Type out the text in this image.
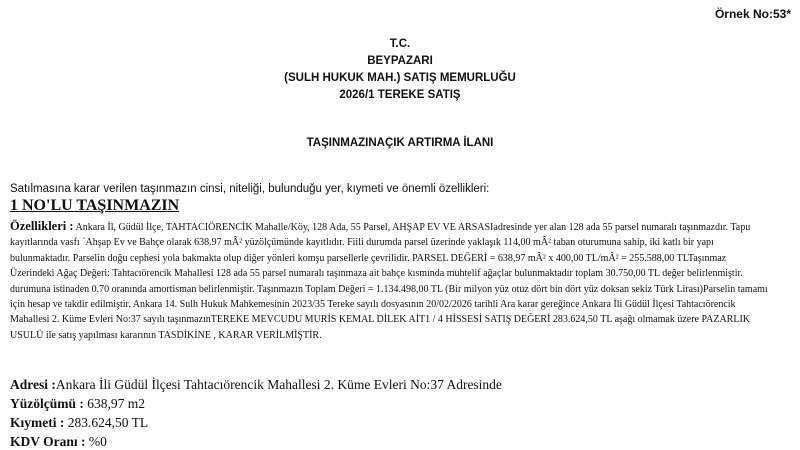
Örnek No:53*
T.C.
BEYPAZARI
(SULH HUKUK MAH.) SATIŞ MEMURLUĞU
2026/1 TEREKE SATIŞ
TAŞINMAZINAÇIK ARTIRMA İLANI
Satılmasına karar verilen taşınmazın cinsi, niteliği, bulunduğu yer, kıymeti ve önemli özellikleri:
1 NO'LU TAŞINMAZIN
Özellikleri : Ankara İl, Güdül İlçe, TAHTACIÖRENCİK Mahalle/Köy, 128 Ada, 55 Parsel, AHŞAP EV VE ARSASIadresinde yer alan 128 ada 55 parsel numaralı taşınmazdır. Tapu kayıtlarında vasfı `Ahşap Ev ve Bahçe olarak 638.97 mÂ² yüzölçümünde kayıtlıdır. Fiili durumda parsel üzerinde yaklaşık 114,00 mÂ² taban oturumuna sahip, iki katlı bir yapı bulunmaktadır. Parselin doğu cephesi yola bakmakta olup diğer yönleri komşu parsellerle çevrilidir. PARSEL DEĞERİ = 638,97 mÂ² x 400,00 TL/mÂ² = 255.588,00 TLTaşınmaz Üzerindeki Ağaç Değeri: Tahtacıörencik Mahallesi 128 ada 55 parsel numaralı taşınmaza ait bahçe kısmında muhtelif ağaçlar bulunmaktadır toplam 30.750,00 TL değer belirlenmiştir. durumuna istinaden 0.70 oranında amortisman belirlenmiştir. Taşınmazın Toplam Değeri = 1.134.498,00 TL (Bir milyon yüz otuz dört bin dört yüz doksan sekiz Türk Lirası)Parselin tamamı için hesap ve takdir edilmiştir. Ankara 14. Sulh Hukuk Mahkemesinin 2023/35 Tereke sayılı dosyasının 20/02/2026 tarihli Ara karar gereğince Ankara İli Güdül İlçesi Tahtacıörencik Mahallesi 2. Küme Evleri No:37 sayılı taşınmazınTEREKE MEVCUDU MURİS KEMAL DİLEK AİT1 / 4 HİSSESİ SATIŞ DEĞERİ 283.624,50 TL aşağı olmamak üzere PAZARLIK USULÜ ile satış yapılması kararının TASDİKİNE , KARAR VERİLMİŞTİR.
Adresi :Ankara İli Güdül İlçesi Tahtacıörencik Mahallesi 2. Küme Evleri No:37 Adresinde
Yüzölçümü : 638,97 m2
Kıymeti : 283.624,50 TL
KDV Oranı : %0
